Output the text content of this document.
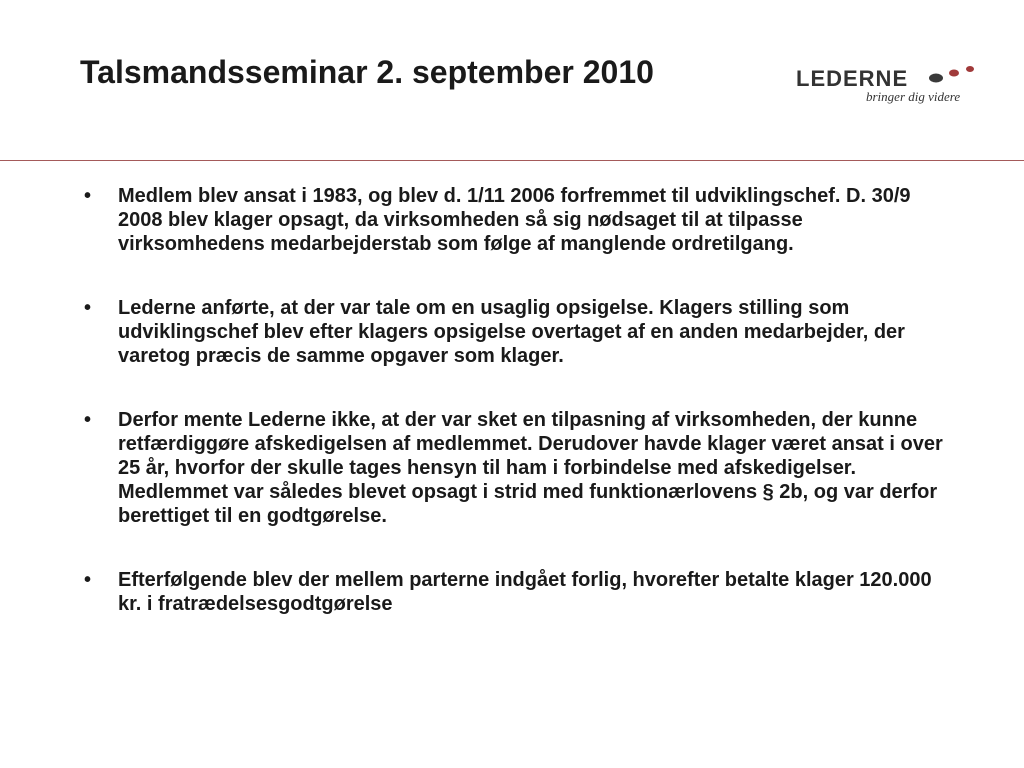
Talsmandsseminar 2. september 2010	LEDERNE
bringer dig videre
• Medlem blev ansat i 1983, og blev d. 1/11 2006 forfremmet til udviklingschef. D. 30/9 2008 blev klager opsagt, da virksomheden så sig nødsaget til at tilpasse virksomhedens medarbejderstab som følge af manglende ordretilgang.
• Lederne anførte, at der var tale om en usaglig opsigelse. Klagers stilling som udviklingschef blev efter klagers opsigelse overtaget af en anden medarbejder, der varetog præcis de samme opgaver som klager.
• Derfor mente Lederne ikke, at der var sket en tilpasning af virksomheden, der kunne retfærdiggøre afskedigelsen af medlemmet. Derudover havde klager været ansat i over 25 år, hvorfor der skulle tages hensyn til ham i forbindelse med afskedigelser. Medlemmet var således blevet opsagt i strid med funktionærlovens § 2b, og var derfor berettiget til en godtgørelse.
• Efterfølgende blev der mellem parterne indgået forlig, hvorefter betalte klager 120.000 kr. i fratrædelsesgodtgørelse
